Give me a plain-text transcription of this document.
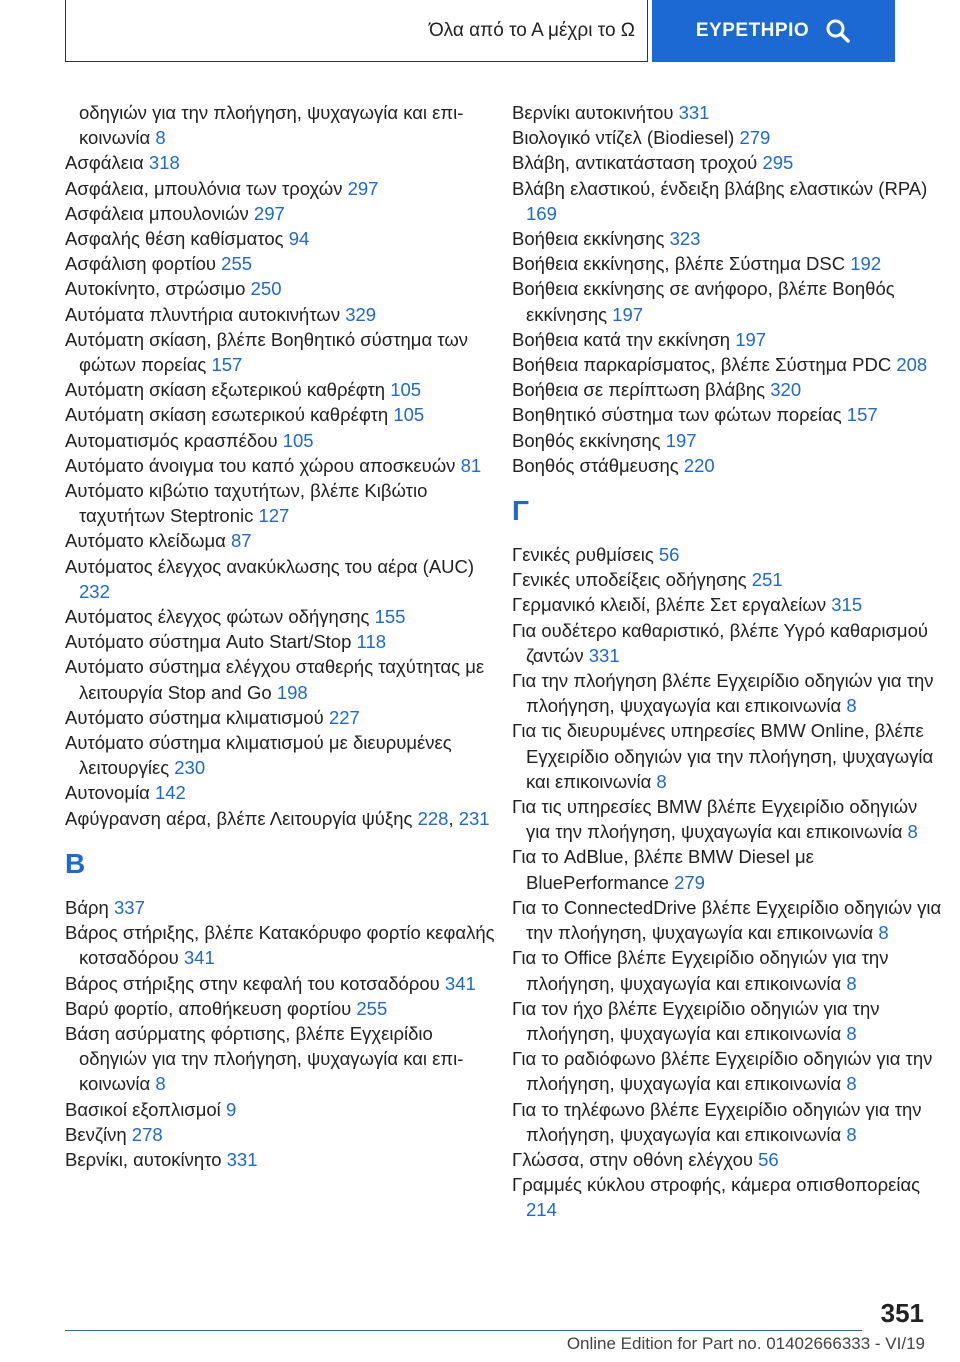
Όλα από το Α μέχρι το Ω	ΕΥΡΕΤΗΡΙΟ

οδηγιών για την πλοήγηση, ψυχαγωγία και επικοινωνία 8

Ασφάλεια 318

Ασφάλεια, μπουλόνια των τροχών 297

Ασφάλεια μπουλονιών 297

Ασφαλής θέση καθίσματος 94

Ασφάλιση φορτίου 255

Αυτοκίνητο, στρώσιμο 250

Αυτόματα πλυντήρια αυτοκινήτων 329

Αυτόματη σκίαση, βλέπε Βοηθητικό σύστημα των φώτων πορείας 157

Αυτόματη σκίαση εξωτερικού καθρέφτη 105

Αυτόματη σκίαση εσωτερικού καθρέφτη 105

Αυτοματισμός κρασπέδου 105

Αυτόματο άνοιγμα του καπό χώρου αποσκευών 81

Αυτόματο κιβώτιο ταχυτήτων, βλέπε Κιβώτιο ταχυτήτων Steptronic 127

Αυτόματο κλείδωμα 87

Αυτόματος έλεγχος ανακύκλωσης του αέρα (AUC) 232

Αυτόματος έλεγχος φώτων οδήγησης 155

Αυτόματο σύστημα Auto Start/Stop 118

Αυτόματο σύστημα ελέγχου σταθερής ταχύτητας με λειτουργία Stop and Go 198

Αυτόματο σύστημα κλιματισμού 227

Αυτόματο σύστημα κλιματισμού με διευρυμένες λειτουργίες 230

Αυτονομία 142

Αφύγρανση αέρα, βλέπε Λειτουργία ψύξης 228, 231

Β

Βάρη 337

Βάρος στήριξης, βλέπε Κατακόρυφο φορτίο κεφαλής κοτσαδόρου 341

Βάρος στήριξης στην κεφαλή του κοτσαδόρου 341

Βαρύ φορτίο, αποθήκευση φορτίου 255

Βάση ασύρματης φόρτισης, βλέπε Εγχειρίδιο οδηγιών για την πλοήγηση, ψυχαγωγία και επικοινωνία 8

Βασικοί εξοπλισμοί 9

Βενζίνη 278

Βερνίκι, αυτοκίνητο 331

Βερνίκι αυτοκινήτου 331

Βιολογικό ντίζελ (Biodiesel) 279

Βλάβη, αντικατάσταση τροχού 295

Βλάβη ελαστικού, ένδειξη βλάβης ελαστικών (RPA) 169

Βοήθεια εκκίνησης 323

Βοήθεια εκκίνησης, βλέπε Σύστημα DSC 192

Βοήθεια εκκίνησης σε ανήφορο, βλέπε Βοηθός εκκίνησης 197

Βοήθεια κατά την εκκίνηση 197

Βοήθεια παρκαρίσματος, βλέπε Σύστημα PDC 208

Βοήθεια σε περίπτωση βλάβης 320

Βοηθητικό σύστημα των φώτων πορείας 157

Βοηθός εκκίνησης 197

Βοηθός στάθμευσης 220

Γ

Γενικές ρυθμίσεις 56

Γενικές υποδείξεις οδήγησης 251

Γερμανικό κλειδί, βλέπε Σετ εργαλείων 315

Για ουδέτερο καθαριστικό, βλέπε Υγρό καθαρισμού ζαντών 331

Για την πλοήγηση βλέπε Εγχειρίδιο οδηγιών για την πλοήγηση, ψυχαγωγία και επικοινωνία 8

Για τις διευρυμένες υπηρεσίες BMW Online, βλέπε Εγχειρίδιο οδηγιών για την πλοήγηση, ψυχαγωγία και επικοινωνία 8

Για τις υπηρεσίες BMW βλέπε Εγχειρίδιο οδηγιών για την πλοήγηση, ψυχαγωγία και επικοινωνία 8

Για το AdBlue, βλέπε BMW Diesel με BluePerformance 279

Για το ConnectedDrive βλέπε Εγχειρίδιο οδηγιών για την πλοήγηση, ψυχαγωγία και επικοινωνία 8

Για το Office βλέπε Εγχειρίδιο οδηγιών για την πλοήγηση, ψυχαγωγία και επικοινωνία 8

Για τον ήχο βλέπε Εγχειρίδιο οδηγιών για την πλοήγηση, ψυχαγωγία και επικοινωνία 8

Για το ραδιόφωνο βλέπε Εγχειρίδιο οδηγιών για την πλοήγηση, ψυχαγωγία και επικοινωνία 8

Για το τηλέφωνο βλέπε Εγχειρίδιο οδηγιών για την πλοήγηση, ψυχαγωγία και επικοινωνία 8

Γλώσσα, στην οθόνη ελέγχου 56

Γραμμές κύκλου στροφής, κάμερα οπισθοπορείας 214

351
Online Edition for Part no. 01402666333 - VI/19
